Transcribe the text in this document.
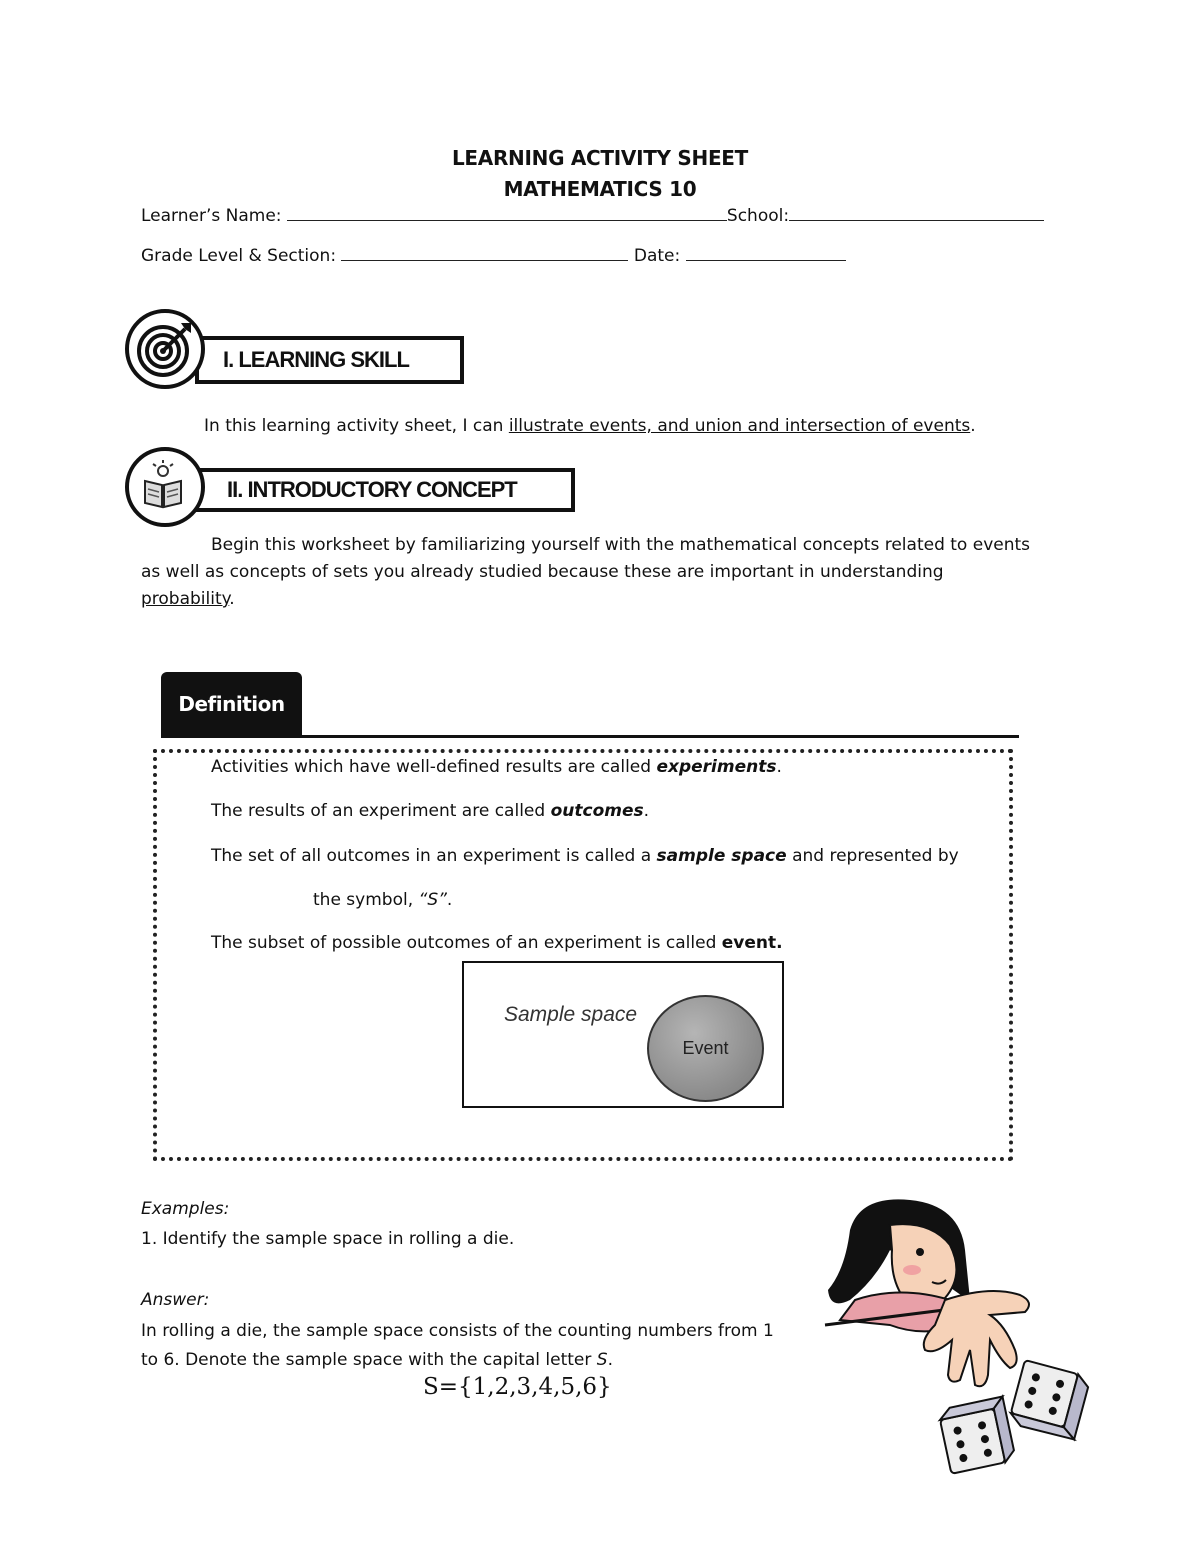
LEARNING ACTIVITY SHEET
MATHEMATICS 10
Learner’s Name:	School:
Grade Level & Section:	Date:
I. LEARNING SKILL
In this learning activity sheet, I can illustrate events, and union and intersection of events.
II. INTRODUCTORY CONCEPT
Begin this worksheet by familiarizing yourself with the mathematical concepts related to events
as well as concepts of sets you already studied because these are important in understanding
probability.
Definition
Activities which have well-defined results are called experiments.
The results of an experiment are called outcomes.
The set of all outcomes in an experiment is called a sample space and represented by
the symbol, “S”.
The subset of possible outcomes of an experiment is called event.
Sample space
Event
Examples:
1. Identify the sample space in rolling a die.
Answer:
In rolling a die, the sample space consists of the counting numbers from 1
to 6. Denote the sample space with the capital letter S.
S={1,2,3,4,5,6}
